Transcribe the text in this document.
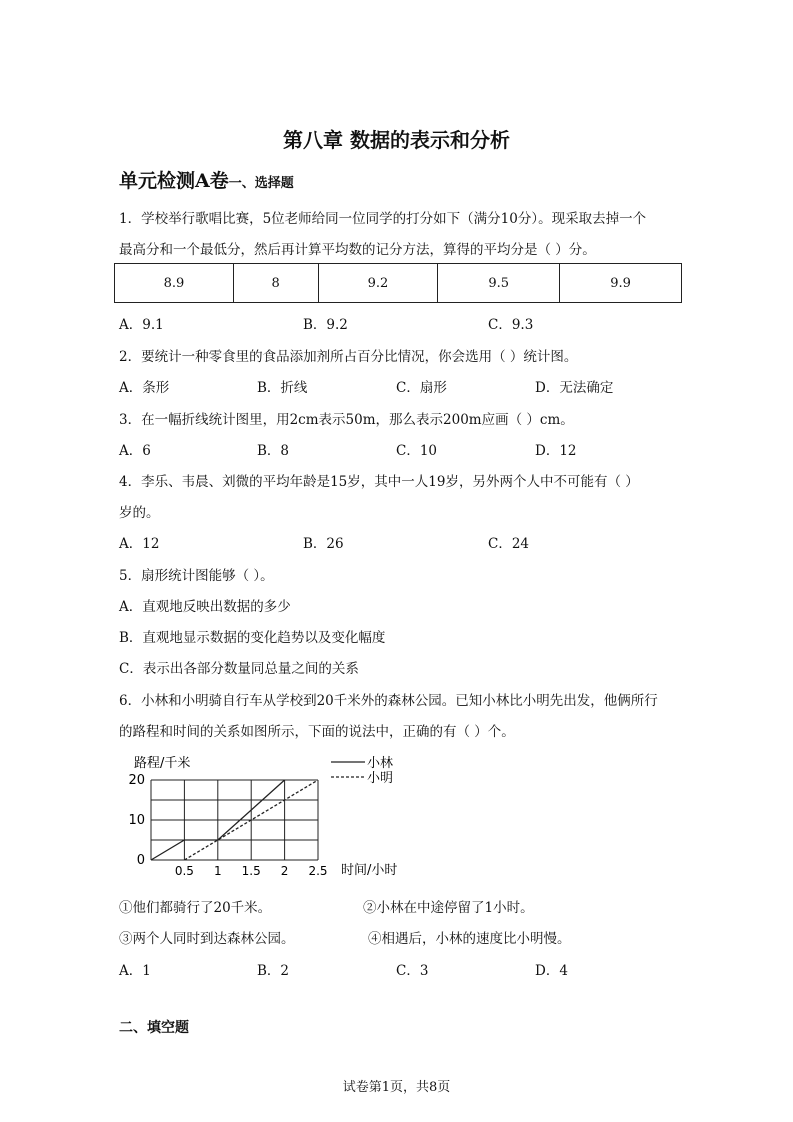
第八章 数据的表示和分析
单元检测A卷一、选择题
1．学校举行歌唱比赛，5位老师给同一位同学的打分如下（满分10分）。现采取去掉一个
最高分和一个最低分，然后再计算平均数的记分方法，算得的平均分是（ ）分。
8.9	8	9.2	9.5	9.9
A．9.1	B．9.2	C．9.3
2．要统计一种零食里的食品添加剂所占百分比情况，你会选用（ ）统计图。
A．条形	B．折线	C．扇形	D．无法确定
3．在一幅折线统计图里，用2cm表示50m，那么表示200m应画（ ）cm。
A．6	B．8	C．10	D．12
4．李乐、韦晨、刘微的平均年龄是15岁，其中一人19岁，另外两个人中不可能有（ ）
岁的。
A．12	B．26	C．24
5．扇形统计图能够（ ）。
A．直观地反映出数据的多少
B．直观地显示数据的变化趋势以及变化幅度
C．表示出各部分数量同总量之间的关系
6．小林和小明骑自行车从学校到20千米外的森林公园。已知小林比小明先出发，他俩所行
的路程和时间的关系如图所示，下面的说法中，正确的有（ ）个。
路程/千米
时间/小时
0.5 1 1.5 2 2.5
0
10
20
小林
小明
①他们都骑行了20千米。	②小林在中途停留了1小时。
③两个人同时到达森林公园。	④相遇后，小林的速度比小明慢。
A．1	B．2	C．3	D．4
二、填空题
试卷第1页，共8页
